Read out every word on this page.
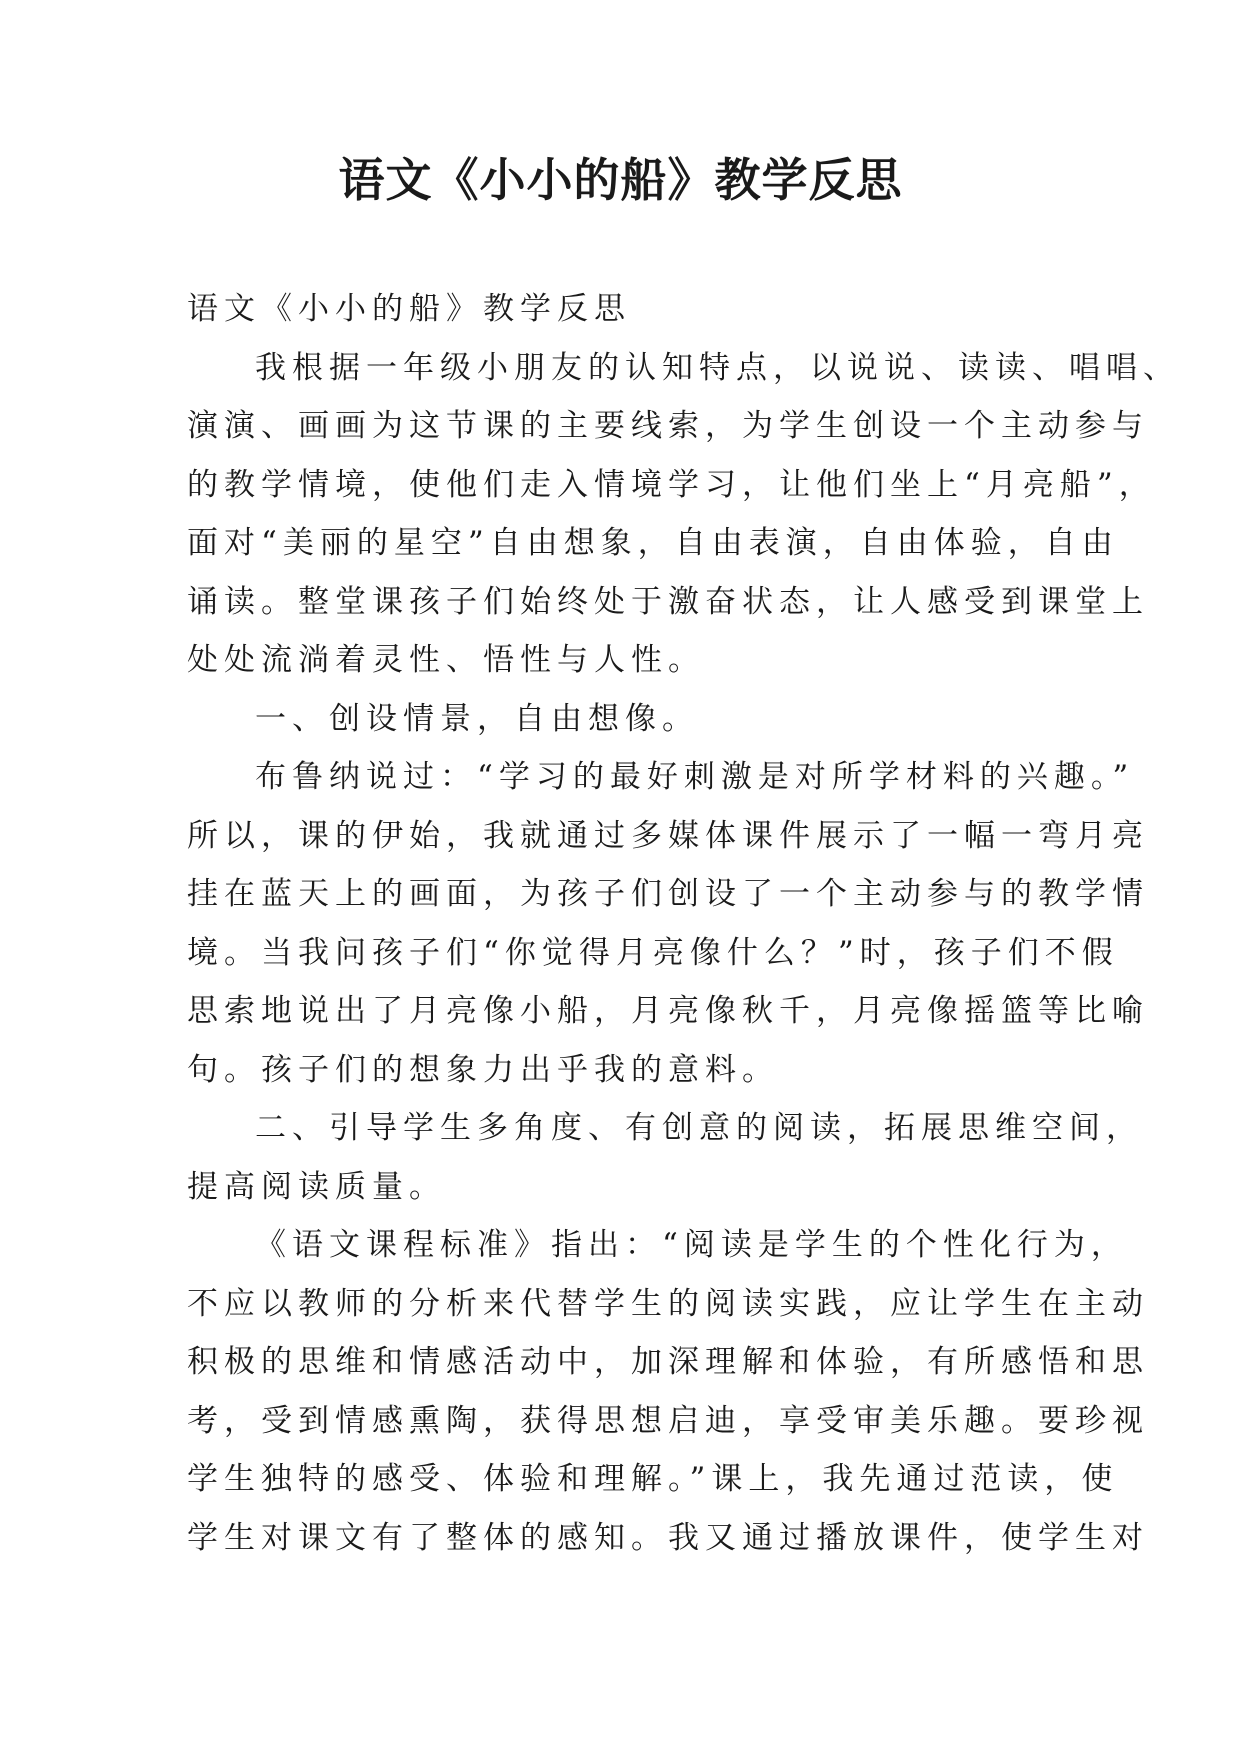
语文《小小的船》教学反思
语文《小小的船》教学反思
我根据一年级小朋友的认知特点，以说说、读读、唱唱、
演演、画画为这节课的主要线索，为学生创设一个主动参与
的教学情境，使他们走入情境学习，让他们坐上“月亮船”，
面对“美丽的星空”自由想象，自由表演，自由体验，自由
诵读。整堂课孩子们始终处于激奋状态，让人感受到课堂上
处处流淌着灵性、悟性与人性。
一、创设情景，自由想像。
布鲁纳说过：“学习的最好刺激是对所学材料的兴趣。”
所以，课的伊始，我就通过多媒体课件展示了一幅一弯月亮
挂在蓝天上的画面，为孩子们创设了一个主动参与的教学情
境。当我问孩子们“你觉得月亮像什么？”时，孩子们不假
思索地说出了月亮像小船，月亮像秋千，月亮像摇篮等比喻
句。孩子们的想象力出乎我的意料。
二、引导学生多角度、有创意的阅读，拓展思维空间，
提高阅读质量。
《语文课程标准》指出：“阅读是学生的个性化行为，
不应以教师的分析来代替学生的阅读实践，应让学生在主动
积极的思维和情感活动中，加深理解和体验，有所感悟和思
考，受到情感熏陶，获得思想启迪，享受审美乐趣。要珍视
学生独特的感受、体验和理解。”课上，我先通过范读，使
学生对课文有了整体的感知。我又通过播放课件，使学生对
